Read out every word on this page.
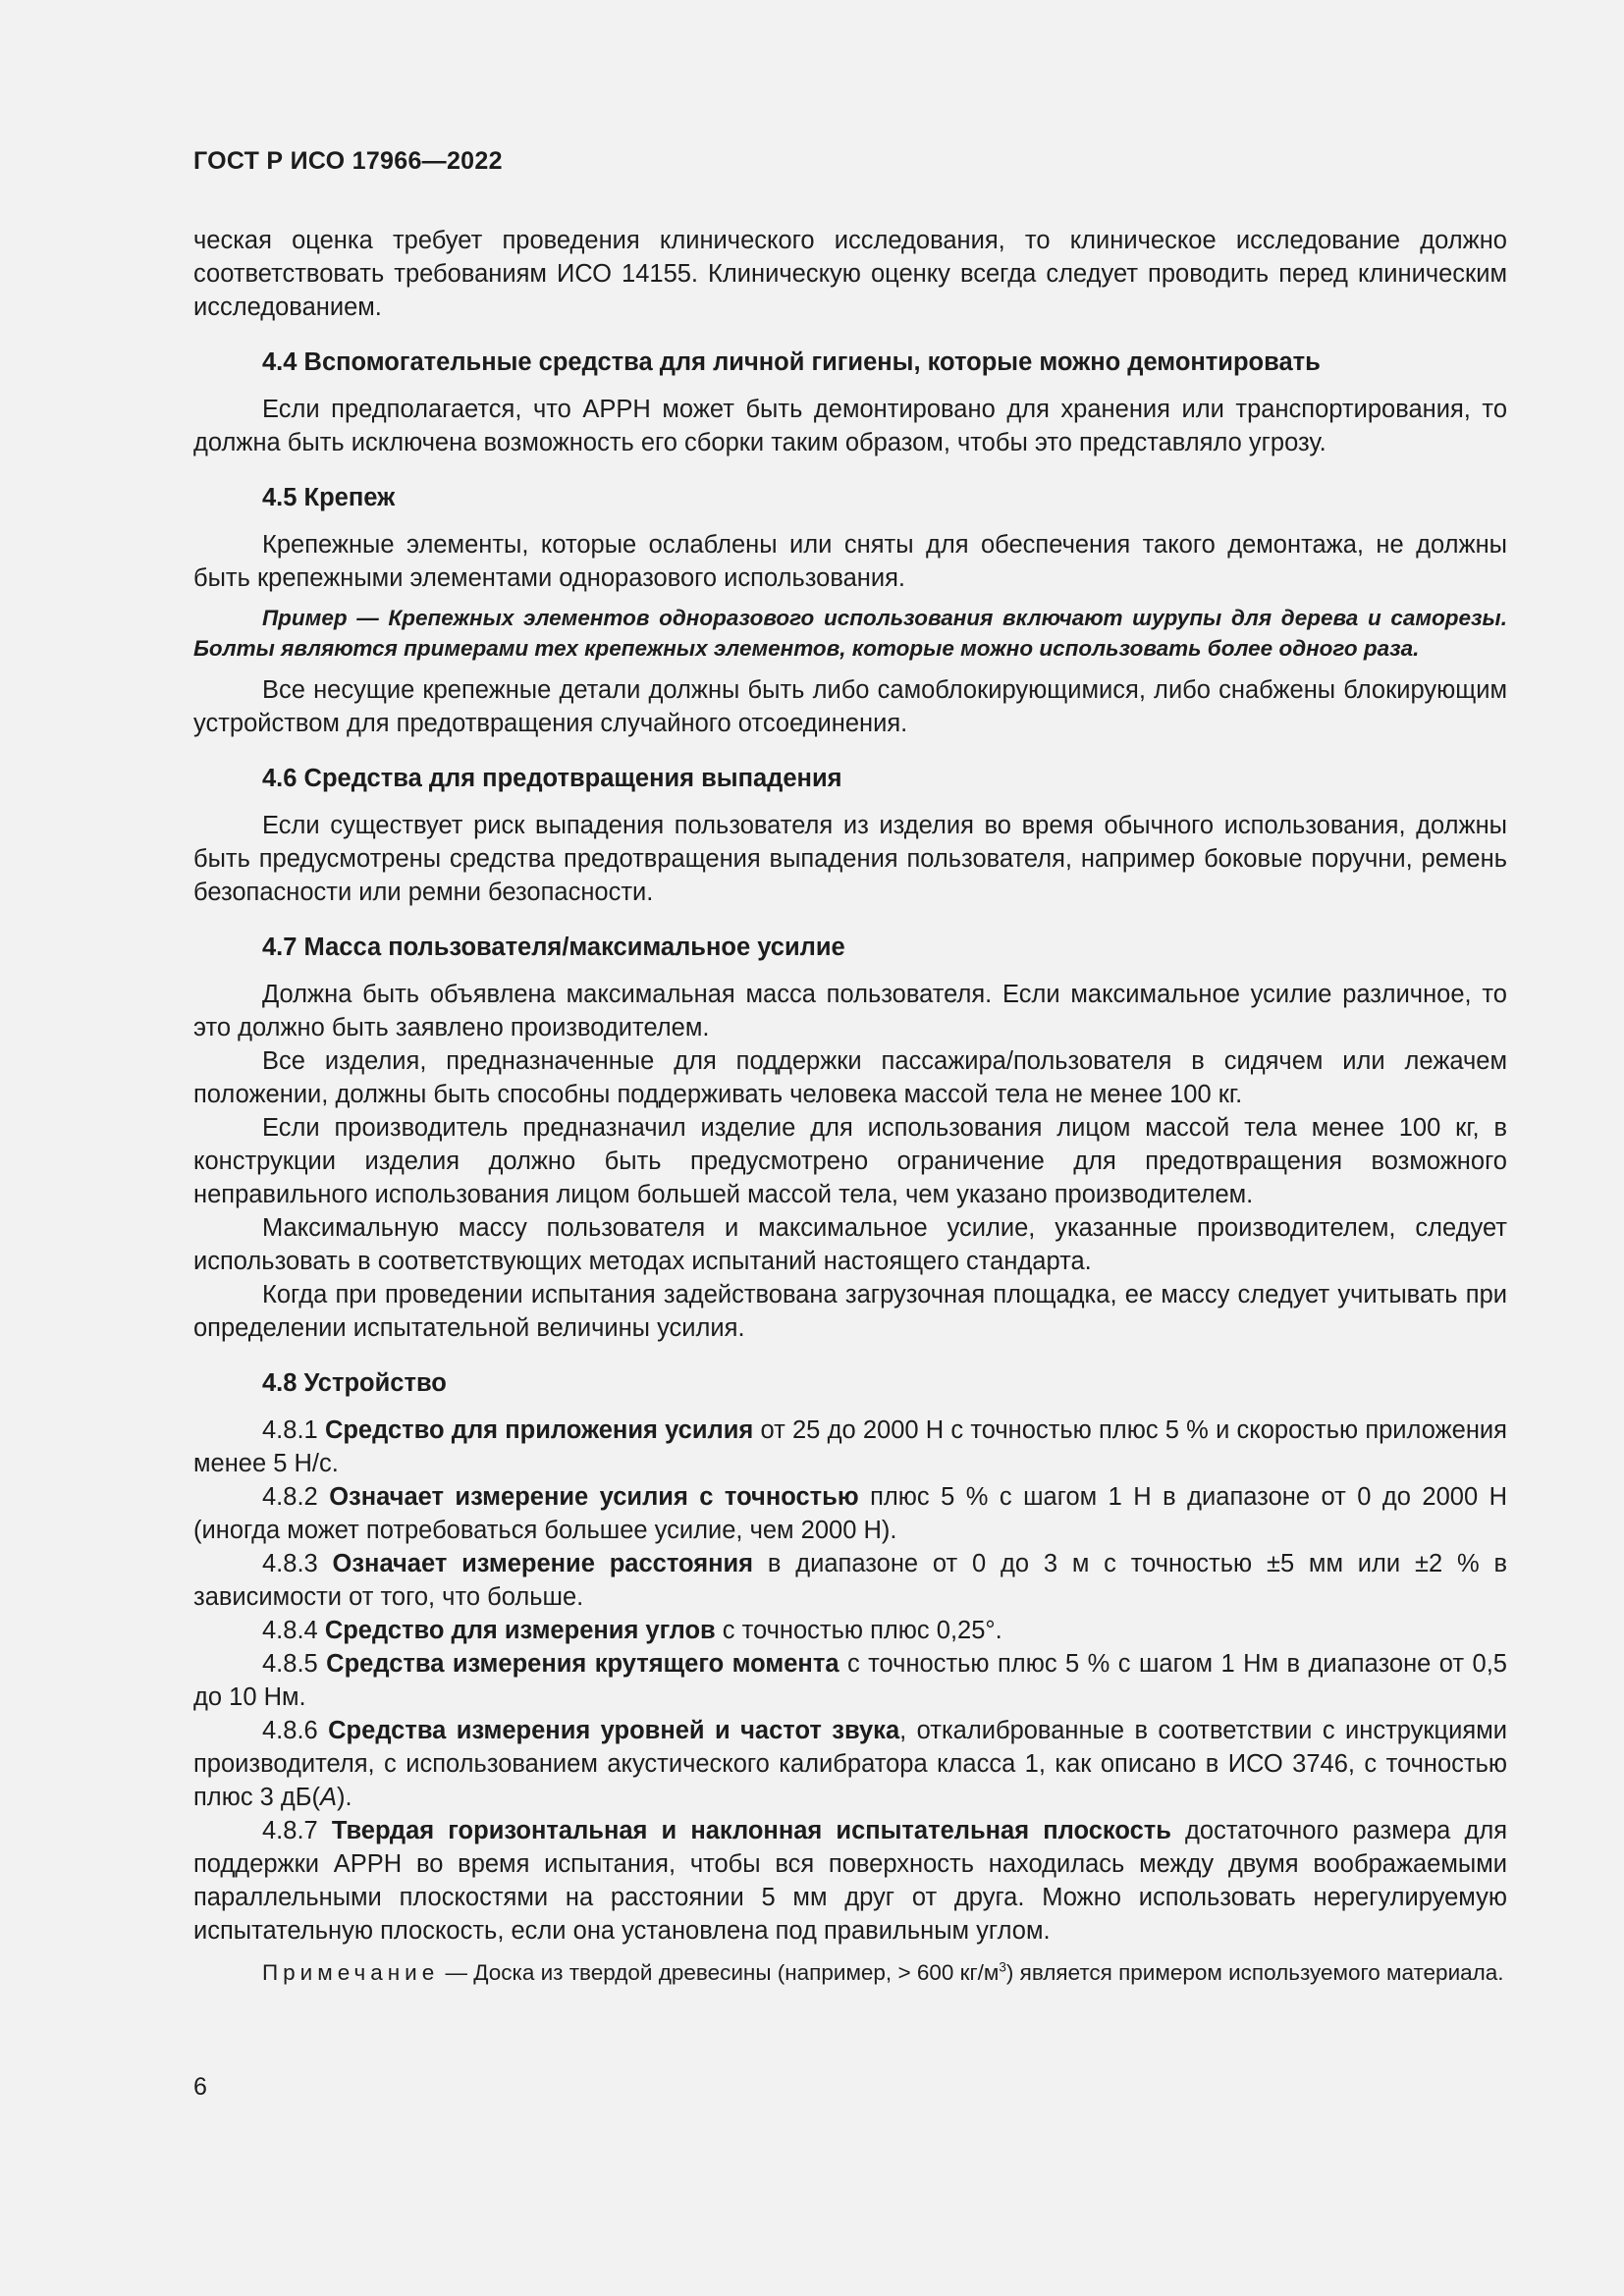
ГОСТ Р ИСО 17966—2022

ческая оценка требует проведения клинического исследования, то клиническое исследование должно соответствовать требованиям ИСО 14155. Клиническую оценку всегда следует проводить перед клиническим исследованием.

4.4 Вспомогательные средства для личной гигиены, которые можно демонтировать

Если предполагается, что APPH может быть демонтировано для хранения или транспортирования, то должна быть исключена возможность его сборки таким образом, чтобы это представляло угрозу.

4.5 Крепеж

Крепежные элементы, которые ослаблены или сняты для обеспечения такого демонтажа, не должны быть крепежными элементами одноразового использования.

Пример — Крепежных элементов одноразового использования включают шурупы для дерева и саморезы. Болты являются примерами тех крепежных элементов, которые можно использовать более одного раза.

Все несущие крепежные детали должны быть либо самоблокирующимися, либо снабжены блокирующим устройством для предотвращения случайного отсоединения.

4.6 Средства для предотвращения выпадения

Если существует риск выпадения пользователя из изделия во время обычного использования, должны быть предусмотрены средства предотвращения выпадения пользователя, например боковые поручни, ремень безопасности или ремни безопасности.

4.7 Масса пользователя/максимальное усилие

Должна быть объявлена максимальная масса пользователя. Если максимальное усилие различное, то это должно быть заявлено производителем.

Все изделия, предназначенные для поддержки пассажира/пользователя в сидячем или лежачем положении, должны быть способны поддерживать человека массой тела не менее 100 кг.

Если производитель предназначил изделие для использования лицом массой тела менее 100 кг, в конструкции изделия должно быть предусмотрено ограничение для предотвращения возможного неправильного использования лицом большей массой тела, чем указано производителем.

Максимальную массу пользователя и максимальное усилие, указанные производителем, следует использовать в соответствующих методах испытаний настоящего стандарта.

Когда при проведении испытания задействована загрузочная площадка, ее массу следует учитывать при определении испытательной величины усилия.

4.8 Устройство

4.8.1 Средство для приложения усилия от 25 до 2000 Н с точностью плюс 5 % и скоростью приложения менее 5 Н/с.

4.8.2 Означает измерение усилия с точностью плюс 5 % с шагом 1 Н в диапазоне от 0 до 2000 Н (иногда может потребоваться большее усилие, чем 2000 Н).

4.8.3 Означает измерение расстояния в диапазоне от 0 до 3 м с точностью ±5 мм или ±2 % в зависимости от того, что больше.

4.8.4 Средство для измерения углов с точностью плюс 0,25°.

4.8.5 Средства измерения крутящего момента с точностью плюс 5 % с шагом 1 Нм в диапазоне от 0,5 до 10 Нм.

4.8.6 Средства измерения уровней и частот звука, откалиброванные в соответствии с инструкциями производителя, с использованием акустического калибратора класса 1, как описано в ИСО 3746, с точностью плюс 3 дБ(A).

4.8.7 Твердая горизонтальная и наклонная испытательная плоскость достаточного размера для поддержки APPH во время испытания, чтобы вся поверхность находилась между двумя воображаемыми параллельными плоскостями на расстоянии 5 мм друг от друга. Можно использовать нерегулируемую испытательную плоскость, если она установлена под правильным углом.

Примечание — Доска из твердой древесины (например, > 600 $кг/м^3$) является примером используемого материала.

6
